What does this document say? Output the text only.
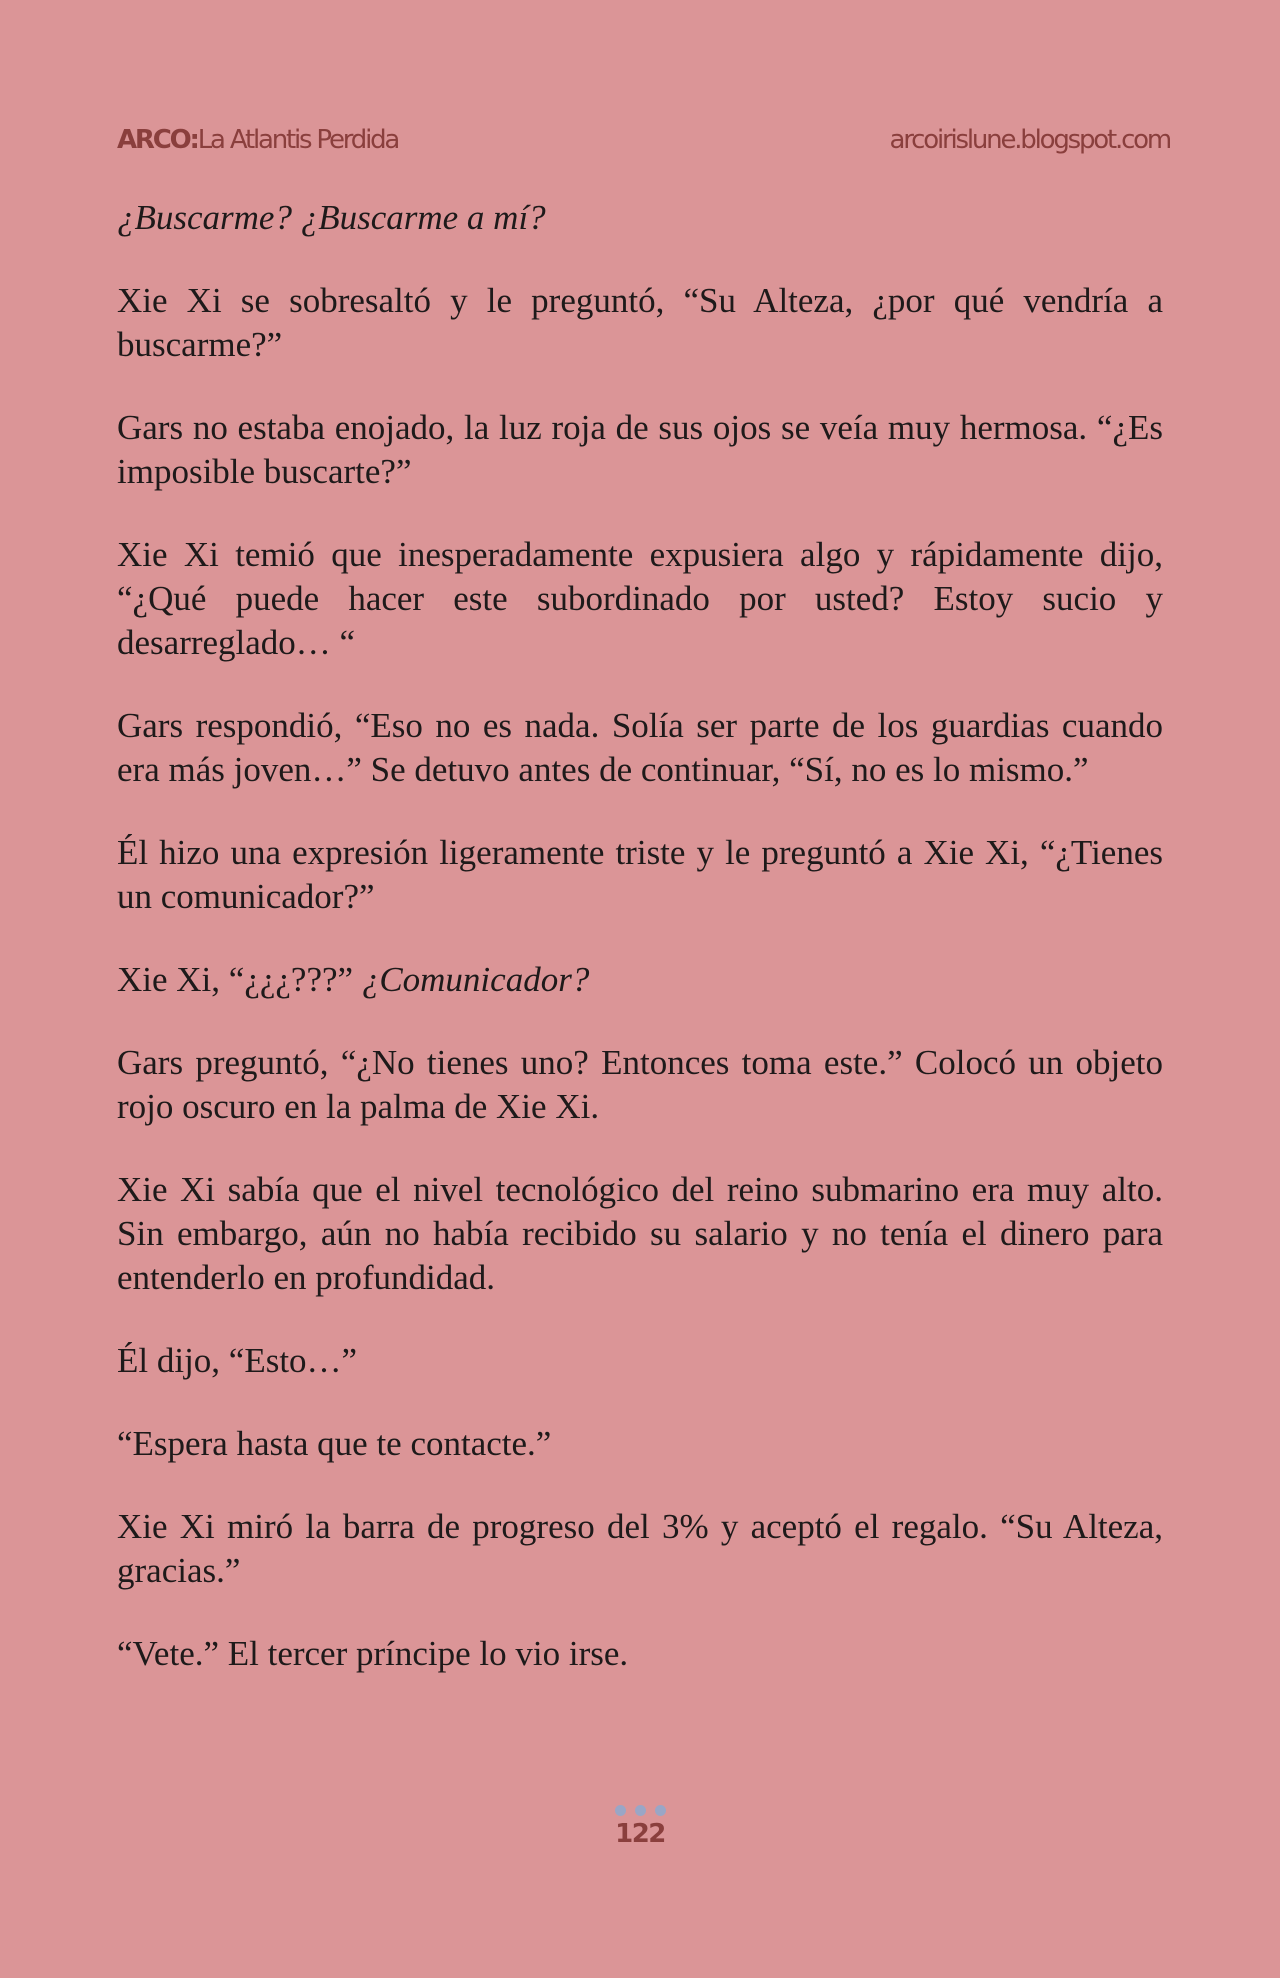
ARCO:La Atlantis Perdida	arcoirislune.blogspot.com

¿Buscarme? ¿Buscarme a mí?

Xie Xi se sobresaltó y le preguntó, “Su Alteza, ¿por qué vendría a buscarme?”

Gars no estaba enojado, la luz roja de sus ojos se veía muy hermosa. “¿Es imposible buscarte?”

Xie Xi temió que inesperadamente expusiera algo y rápidamente dijo, “¿Qué puede hacer este subordinado por usted? Estoy sucio y desarreglado… “

Gars respondió, “Eso no es nada. Solía ser parte de los guardias cuando era más joven…” Se detuvo antes de continuar, “Sí, no es lo mismo.”

Él hizo una expresión ligeramente triste y le preguntó a Xie Xi, “¿Tienes un comunicador?”

Xie Xi, “¿¿¿???” ¿Comunicador?

Gars preguntó, “¿No tienes uno? Entonces toma este.” Colocó un objeto rojo oscuro en la palma de Xie Xi.

Xie Xi sabía que el nivel tecnológico del reino submarino era muy alto. Sin embargo, aún no había recibido su salario y no tenía el dinero para entenderlo en profundidad.

Él dijo, “Esto…”

“Espera hasta que te contacte.”

Xie Xi miró la barra de progreso del 3% y aceptó el regalo. “Su Alteza, gracias.”

“Vete.” El tercer príncipe lo vio irse.

122
